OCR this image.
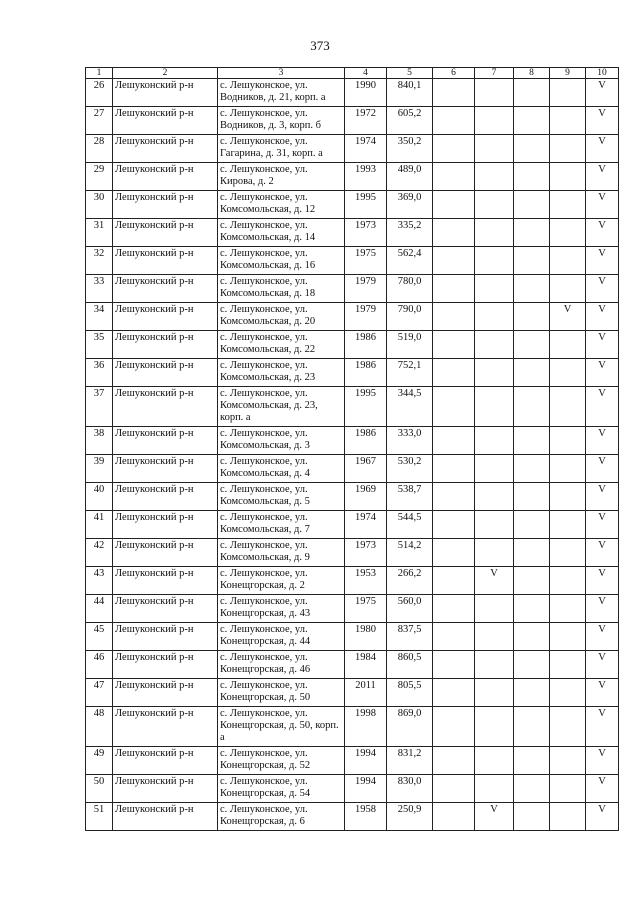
373
1	2	3	4	5	6	7	8	9	10
26	Лешуконский р-н	с. Лешуконское, ул. Водников, д. 21, корп. а	1990	840,1					V
27	Лешуконский р-н	с. Лешуконское, ул. Водников, д. 3, корп. б	1972	605,2					V
28	Лешуконский р-н	с. Лешуконское, ул. Гагарина, д. 31, корп. а	1974	350,2					V
29	Лешуконский р-н	с. Лешуконское, ул. Кирова, д. 2	1993	489,0					V
30	Лешуконский р-н	с. Лешуконское, ул. Комсомольская, д. 12	1995	369,0					V
31	Лешуконский р-н	с. Лешуконское, ул. Комсомольская, д. 14	1973	335,2					V
32	Лешуконский р-н	с. Лешуконское, ул. Комсомольская, д. 16	1975	562,4					V
33	Лешуконский р-н	с. Лешуконское, ул. Комсомольская, д. 18	1979	780,0					V
34	Лешуконский р-н	с. Лешуконское, ул. Комсомольская, д. 20	1979	790,0				V	V
35	Лешуконский р-н	с. Лешуконское, ул. Комсомольская, д. 22	1986	519,0					V
36	Лешуконский р-н	с. Лешуконское, ул. Комсомольская, д. 23	1986	752,1					V
37	Лешуконский р-н	с. Лешуконское, ул. Комсомольская, д. 23, корп. а	1995	344,5					V
38	Лешуконский р-н	с. Лешуконское, ул. Комсомольская, д. 3	1986	333,0					V
39	Лешуконский р-н	с. Лешуконское, ул. Комсомольская, д. 4	1967	530,2					V
40	Лешуконский р-н	с. Лешуконское, ул. Комсомольская, д. 5	1969	538,7					V
41	Лешуконский р-н	с. Лешуконское, ул. Комсомольская, д. 7	1974	544,5					V
42	Лешуконский р-н	с. Лешуконское, ул. Комсомольская, д. 9	1973	514,2					V
43	Лешуконский р-н	с. Лешуконское, ул. Конещгорская, д. 2	1953	266,2		V			V
44	Лешуконский р-н	с. Лешуконское, ул. Конещгорская, д. 43	1975	560,0					V
45	Лешуконский р-н	с. Лешуконское, ул. Конещгорская, д. 44	1980	837,5					V
46	Лешуконский р-н	с. Лешуконское, ул. Конещгорская, д. 46	1984	860,5					V
47	Лешуконский р-н	с. Лешуконское, ул. Конещгорская, д. 50	2011	805,5					V
48	Лешуконский р-н	с. Лешуконское, ул. Конещгорская, д. 50, корп. а	1998	869,0					V
49	Лешуконский р-н	с. Лешуконское, ул. Конещгорская, д. 52	1994	831,2					V
50	Лешуконский р-н	с. Лешуконское, ул. Конещгорская, д. 54	1994	830,0					V
51	Лешуконский р-н	с. Лешуконское, ул. Конещгорская, д. 6	1958	250,9		V			V
